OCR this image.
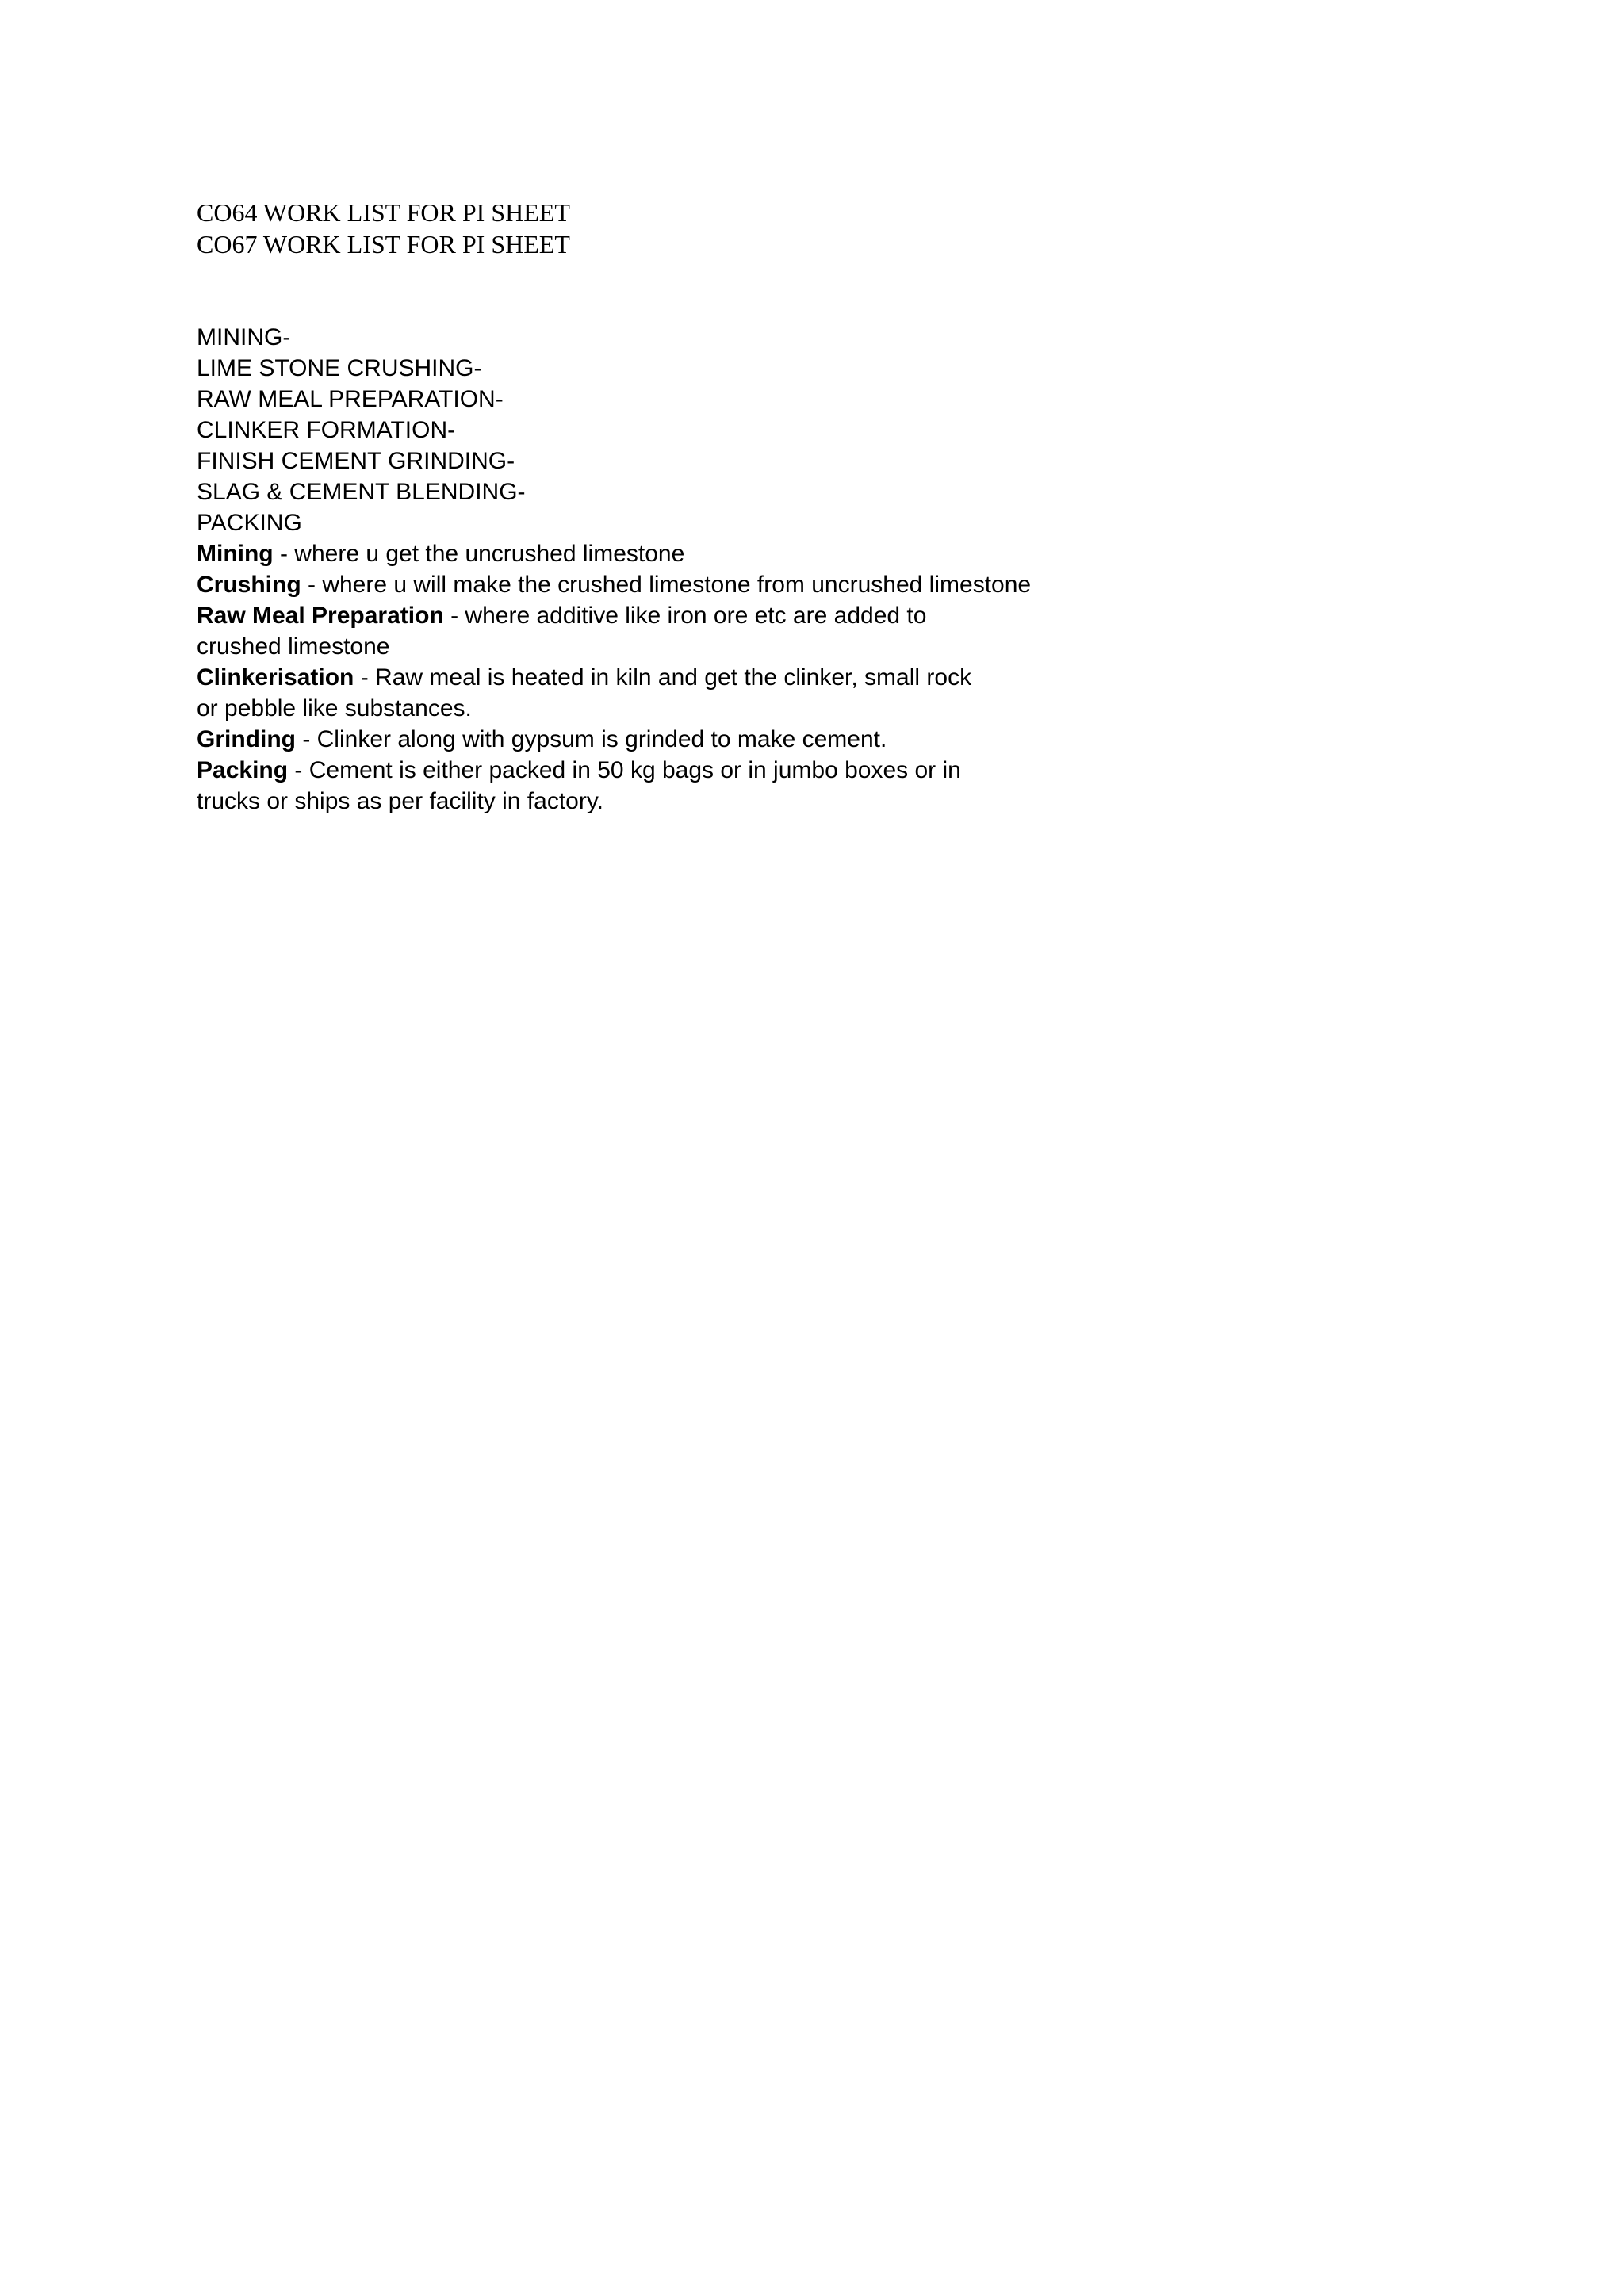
CO64 WORK LIST FOR PI SHEET
CO67 WORK LIST FOR PI SHEET
MINING-
LIME STONE CRUSHING-
RAW MEAL PREPARATION-
CLINKER FORMATION-
FINISH CEMENT GRINDING-
SLAG & CEMENT BLENDING-
PACKING
Mining - where u get the uncrushed limestone
Crushing - where u will make the crushed limestone from uncrushed limestone
Raw Meal Preparation - where additive like iron ore etc are added to crushed limestone
Clinkerisation - Raw meal is heated in kiln and get the clinker, small rock or pebble like substances.
Grinding - Clinker along with gypsum is grinded to make cement.
Packing - Cement is either packed in 50 kg bags or in jumbo boxes or in trucks or ships as per facility in factory.
